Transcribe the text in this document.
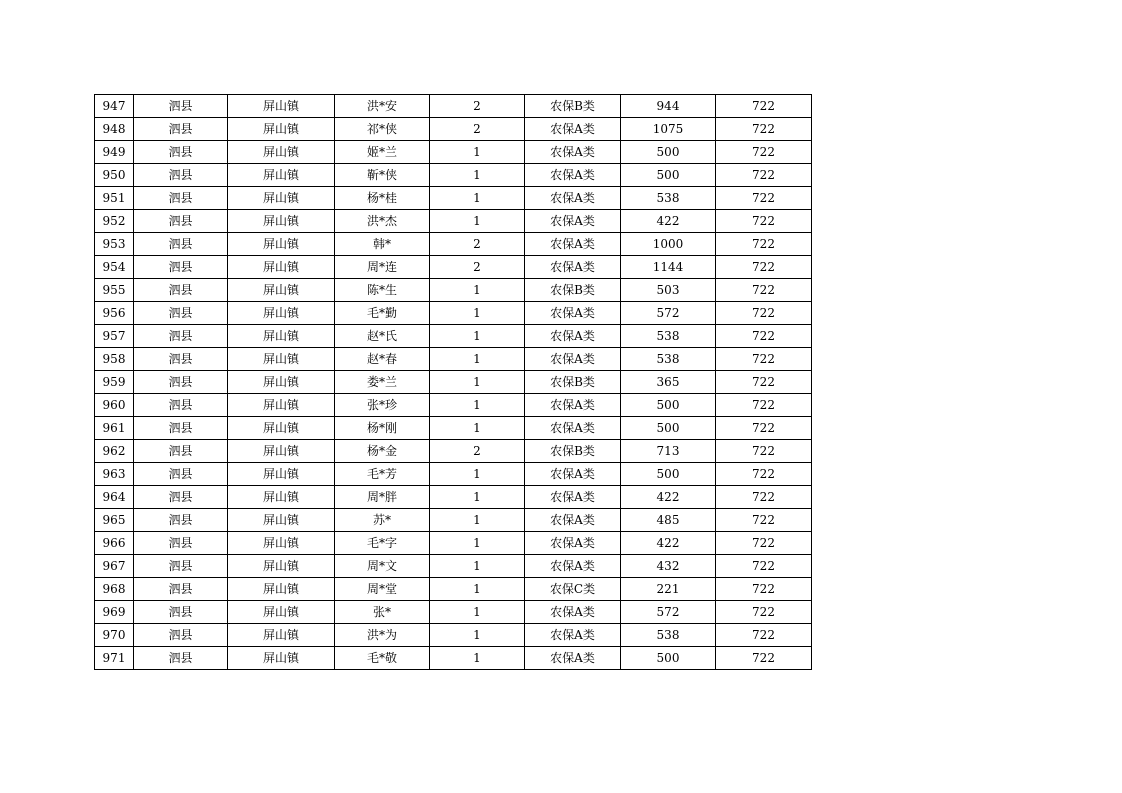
947	泗县	屏山镇	洪*安	2	农保B类	944	722
948	泗县	屏山镇	祁*侠	2	农保A类	1075	722
949	泗县	屏山镇	姬*兰	1	农保A类	500	722
950	泗县	屏山镇	靳*侠	1	农保A类	500	722
951	泗县	屏山镇	杨*桂	1	农保A类	538	722
952	泗县	屏山镇	洪*杰	1	农保A类	422	722
953	泗县	屏山镇	韩*	2	农保A类	1000	722
954	泗县	屏山镇	周*连	2	农保A类	1144	722
955	泗县	屏山镇	陈*生	1	农保B类	503	722
956	泗县	屏山镇	毛*勤	1	农保A类	572	722
957	泗县	屏山镇	赵*氏	1	农保A类	538	722
958	泗县	屏山镇	赵*春	1	农保A类	538	722
959	泗县	屏山镇	娄*兰	1	农保B类	365	722
960	泗县	屏山镇	张*珍	1	农保A类	500	722
961	泗县	屏山镇	杨*刚	1	农保A类	500	722
962	泗县	屏山镇	杨*金	2	农保B类	713	722
963	泗县	屏山镇	毛*芳	1	农保A类	500	722
964	泗县	屏山镇	周*胖	1	农保A类	422	722
965	泗县	屏山镇	苏*	1	农保A类	485	722
966	泗县	屏山镇	毛*字	1	农保A类	422	722
967	泗县	屏山镇	周*文	1	农保A类	432	722
968	泗县	屏山镇	周*堂	1	农保C类	221	722
969	泗县	屏山镇	张*	1	农保A类	572	722
970	泗县	屏山镇	洪*为	1	农保A类	538	722
971	泗县	屏山镇	毛*敬	1	农保A类	500	722
